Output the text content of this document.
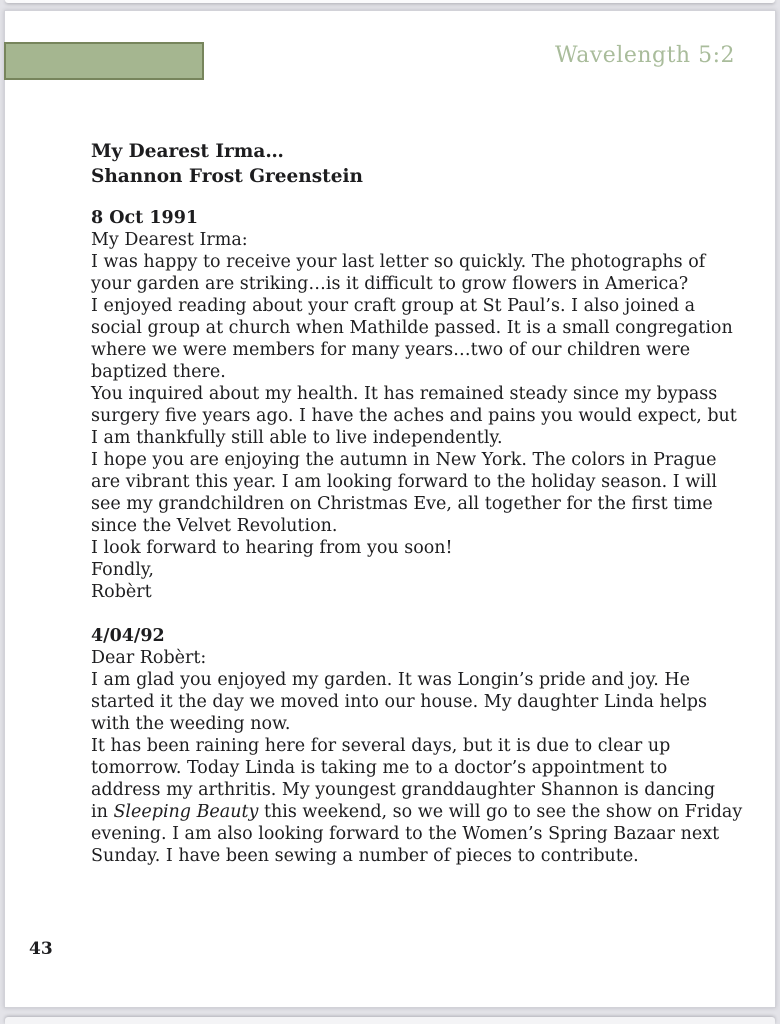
Wavelength 5:2
My Dearest Irma…
Shannon Frost Greenstein
8 Oct 1991
My Dearest Irma:
I was happy to receive your last letter so quickly. The photographs of
your garden are striking…is it difficult to grow flowers in America?
I enjoyed reading about your craft group at St Paul’s. I also joined a
social group at church when Mathilde passed. It is a small congregation
where we were members for many years…two of our children were
baptized there.
You inquired about my health. It has remained steady since my bypass
surgery five years ago. I have the aches and pains you would expect, but
I am thankfully still able to live independently.
I hope you are enjoying the autumn in New York. The colors in Prague
are vibrant this year. I am looking forward to the holiday season. I will
see my grandchildren on Christmas Eve, all together for the first time
since the Velvet Revolution.
I look forward to hearing from you soon!
Fondly,
Robèrt
4/04/92
Dear Robèrt:
I am glad you enjoyed my garden. It was Longin’s pride and joy. He
started it the day we moved into our house. My daughter Linda helps
with the weeding now.
It has been raining here for several days, but it is due to clear up
tomorrow. Today Linda is taking me to a doctor’s appointment to
address my arthritis. My youngest granddaughter Shannon is dancing
in Sleeping Beauty this weekend, so we will go to see the show on Friday
evening. I am also looking forward to the Women’s Spring Bazaar next
Sunday. I have been sewing a number of pieces to contribute.
43
